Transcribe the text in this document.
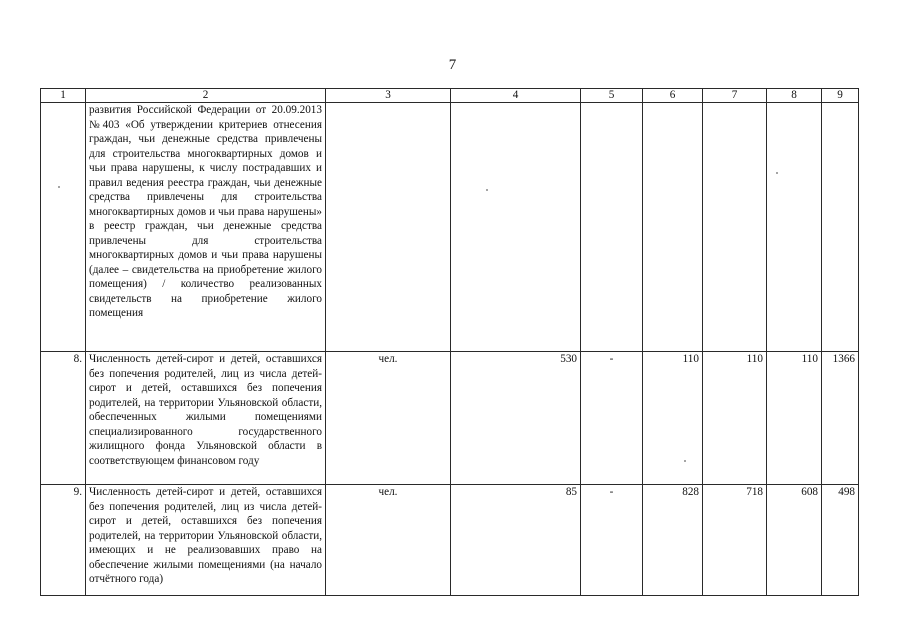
7
1	2	3	4	5	6	7	8	9
	развития Российской Федерации от 20.09.2013 №403 «Об утверждении критериев отнесения граждан, чьи денежные средства привлечены для строительства многоквартирных домов и чьи права нарушены, к числу пострадавших и правил ведения реестра граждан, чьи денежные средства привлечены для строительства многоквартирных домов и чьи права нарушены» в реестр граждан, чьи денежные средства привлечены для строительства многоквартирных домов и чьи права нарушены (далее – свидетельства на приобретение жилого помещения) / количество реализованных свидетельств на приобретение жилого помещения							
8.	Численность детей-сирот и детей, оставшихся без попечения родителей, лиц из числа детей-сирот и детей, оставшихся без попечения родителей, на территории Ульяновской области, обеспеченных жилыми помещениями специализированного государственного жилищного фонда Ульяновской области в соответствующем финансовом году	чел.	530	-	110	110	110	1366
9.	Численность детей-сирот и детей, оставшихся без попечения родителей, лиц из числа детей-сирот и детей, оставшихся без попечения родителей, на территории Ульяновской области, имеющих и не реализовавших право на обеспечение жилыми помещениями (на начало отчётного года)	чел.	85	-	828	718	608	498
